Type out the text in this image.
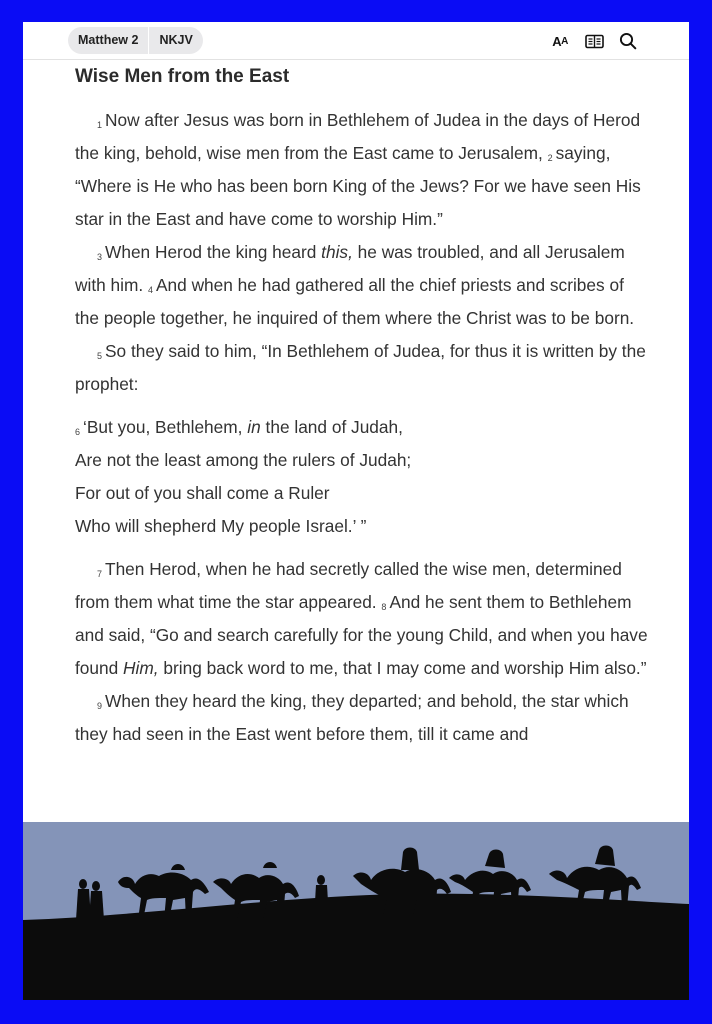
Matthew 2	NKJV	A A
Wise Men from the East

$^1$ Now after Jesus was born in Bethlehem of Judea in the days of Herod the king, behold, wise men from the East came to Jerusalem, $^2$ saying, “Where is He who has been born King of the Jews? For we have seen His star in the East and have come to worship Him.”

$^3$ When Herod the king heard this, he was troubled, and all Jerusalem with him. $^4$ And when he had gathered all the chief priests and scribes of the people together, he inquired of them where the Christ was to be born.

$^5$ So they said to him, “In Bethlehem of Judea, for thus it is written by the prophet:

$^6$ ‘But you, Bethlehem, in the land of Judah,
Are not the least among the rulers of Judah;
For out of you shall come a Ruler
Who will shepherd My people Israel.’ ”

$^7$ Then Herod, when he had secretly called the wise men, determined from them what time the star appeared. $^8$ And he sent them to Bethlehem and said, “Go and search carefully for the young Child, and when you have found Him, bring back word to me, that I may come and worship Him also.”

$^9$ When they heard the king, they departed; and behold, the star which they had seen in the East went before them, till it came and
